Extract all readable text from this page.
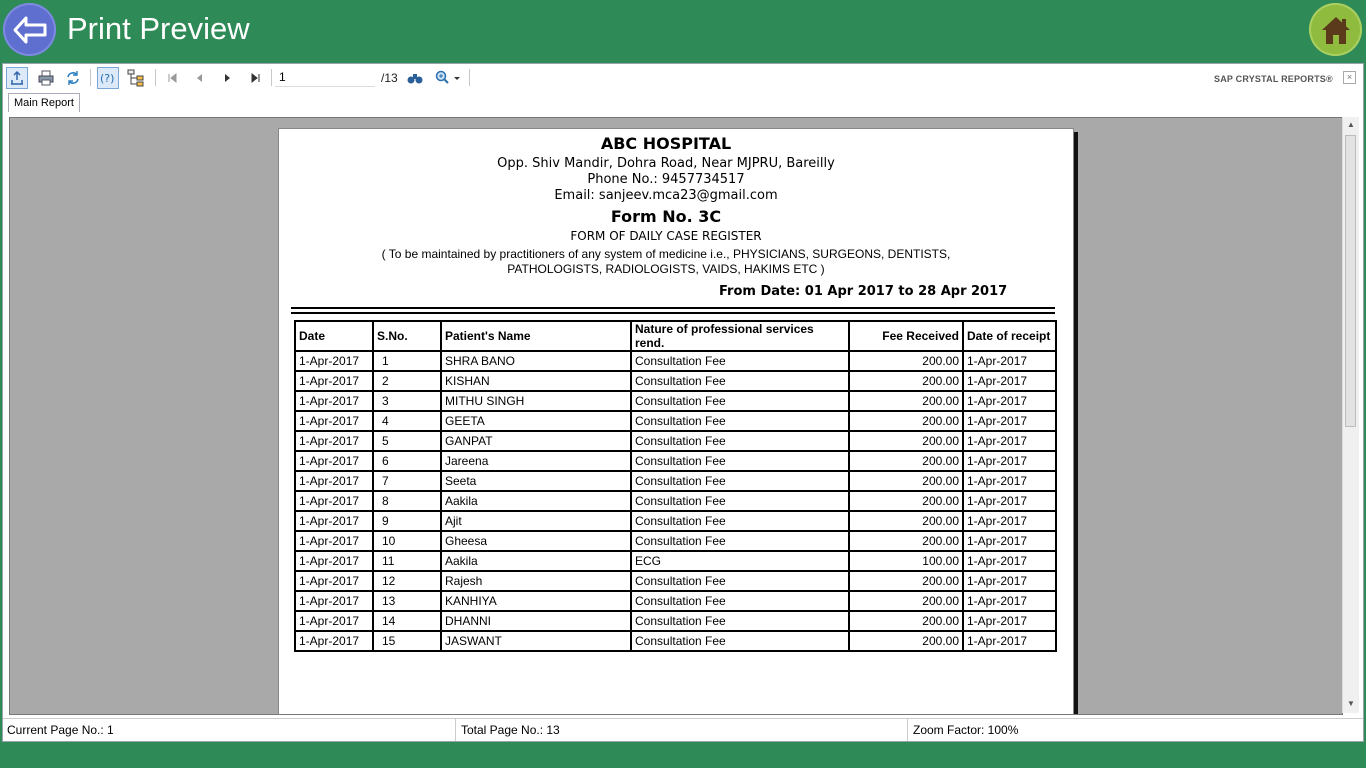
Print Preview
(?)
1	/13	SAP CRYSTAL REPORTS®	×
Main Report
ABC HOSPITAL
Opp. Shiv Mandir, Dohra Road, Near MJPRU, Bareilly
Phone No.: 9457734517
Email: sanjeev.mca23@gmail.com
Form No. 3C
FORM OF DAILY CASE REGISTER
( To be maintained by practitioners of any system of medicine i.e., PHYSICIANS, SURGEONS, DENTISTS,
PATHOLOGISTS, RADIOLOGISTS, VAIDS, HAKIMS ETC )
From Date: 01 Apr 2017 to 28 Apr 2017
Date	S.No.	Patient's Name	Nature of professional services rend.	Fee Received	Date of receipt
1-Apr-2017	1	SHRA BANO	Consultation Fee	200.00	1-Apr-2017
1-Apr-2017	2	KISHAN	Consultation Fee	200.00	1-Apr-2017
1-Apr-2017	3	MITHU SINGH	Consultation Fee	200.00	1-Apr-2017
1-Apr-2017	4	GEETA	Consultation Fee	200.00	1-Apr-2017
1-Apr-2017	5	GANPAT	Consultation Fee	200.00	1-Apr-2017
1-Apr-2017	6	Jareena	Consultation Fee	200.00	1-Apr-2017
1-Apr-2017	7	Seeta	Consultation Fee	200.00	1-Apr-2017
1-Apr-2017	8	Aakila	Consultation Fee	200.00	1-Apr-2017
1-Apr-2017	9	Ajit	Consultation Fee	200.00	1-Apr-2017
1-Apr-2017	10	Gheesa	Consultation Fee	200.00	1-Apr-2017
1-Apr-2017	11	Aakila	ECG	100.00	1-Apr-2017
1-Apr-2017	12	Rajesh	Consultation Fee	200.00	1-Apr-2017
1-Apr-2017	13	KANHIYA	Consultation Fee	200.00	1-Apr-2017
1-Apr-2017	14	DHANNI	Consultation Fee	200.00	1-Apr-2017
1-Apr-2017	15	JASWANT	Consultation Fee	200.00	1-Apr-2017
▲
▼
Current Page No.: 1	Total Page No.: 13	Zoom Factor: 100%
